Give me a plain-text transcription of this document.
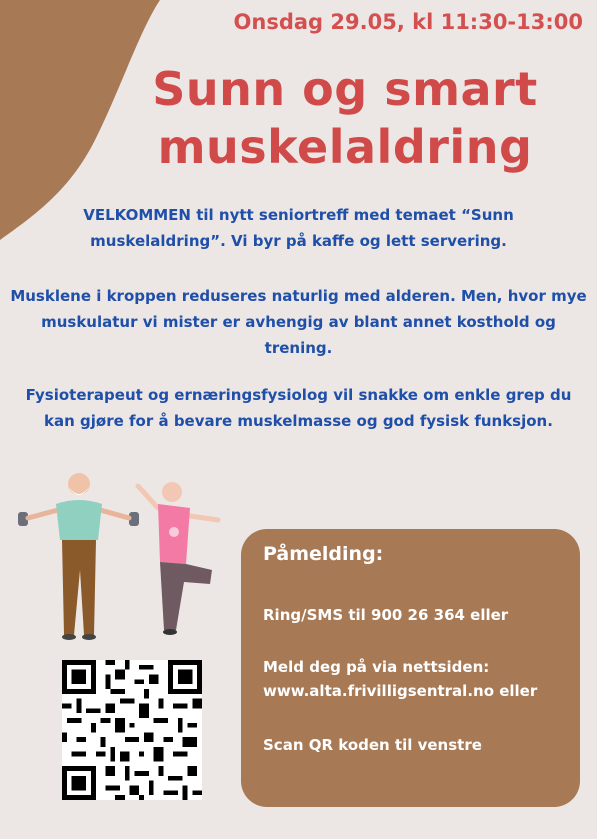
Onsdag 29.05, kl 11:30-13:00
Sunn og smart
muskelaldring
VELKOMMEN til nytt seniortreff med temaet “Sunn muskelaldring”. Vi byr på kaffe og lett servering.
Musklene i kroppen reduseres naturlig med alderen. Men, hvor mye muskulatur vi mister er avhengig av blant annet kosthold og trening.
Fysioterapeut og ernæringsfysiolog vil snakke om enkle grep du kan gjøre for å bevare muskelmasse og god fysisk funksjon.
Påmelding:
Ring/SMS til 900 26 364 eller
Meld deg på via nettsiden:
www.alta.frivilligsentral.no eller
Scan QR koden til venstre
